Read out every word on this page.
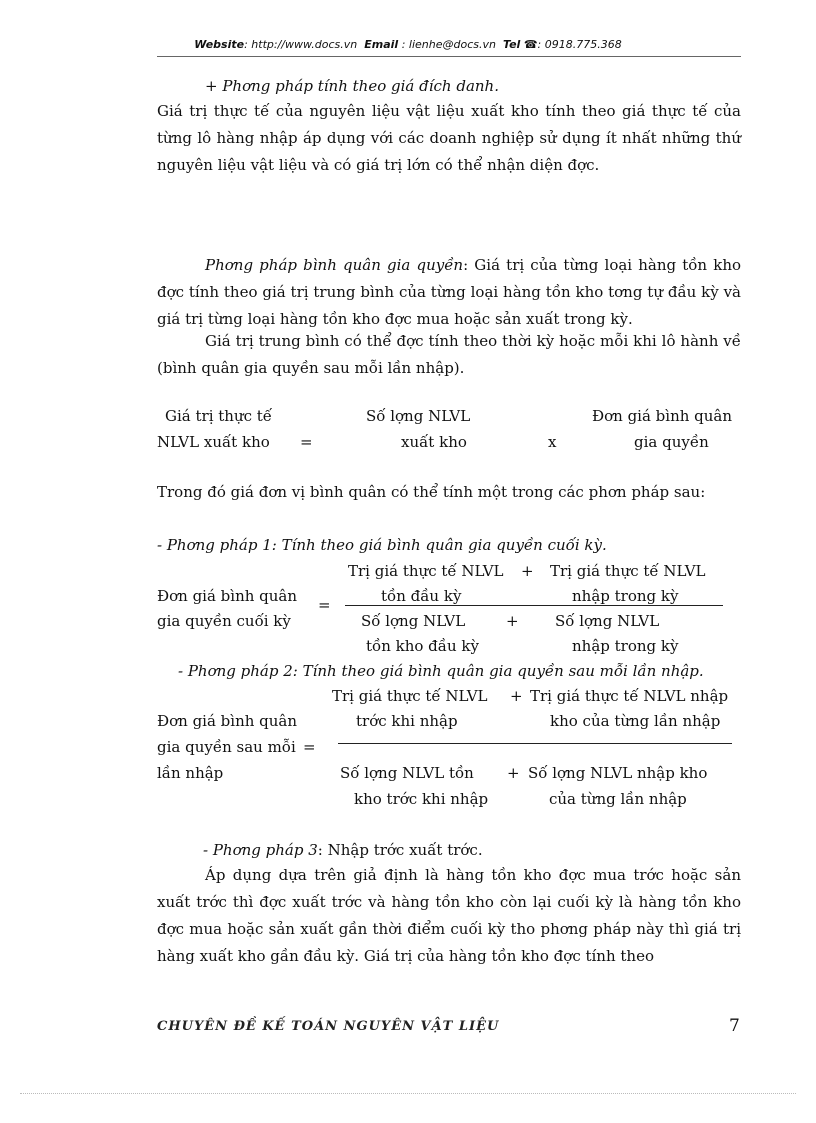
Website: http://www.docs.vn Email : lienhe@docs.vn Tel ☎: 0918.775.368
+ Phơng pháp tính theo giá đích danh.
Giá trị thực tế của nguyên liệu vật liệu xuất kho tính theo giá thực tế của từng lô hàng nhập áp dụng với các doanh nghiệp sử dụng ít nhất những thứ nguyên liệu vật liệu và có giá trị lớn có thể nhận diện đợc.
Phơng pháp bình quân gia quyền: Giá trị của từng loại hàng tồn kho đợc tính theo giá trị trung bình của từng loại hàng tồn kho tơng tự đầu kỳ và giá trị từng loại hàng tồn kho đợc mua hoặc sản xuất trong kỳ.
Giá trị trung bình có thể đợc tính theo thời kỳ hoặc mỗi khi lô hành về (bình quân gia quyền sau mỗi lần nhập).
Giá trị thực tế
NLVL xuất kho =
Số lợng NLVL
xuất kho	x
Đơn giá bình quân
gia quyền
Trong đó giá đơn vị bình quân có thể tính một trong các phơn pháp sau:
- Phơng pháp 1: Tính theo giá bình quân gia quyền cuối kỳ.
Trị giá thực tế NLVL + Trị giá thực tế NLVL
Đơn giá bình quân	tồn đầu kỳ	nhập trong kỳ
=
gia quyền cuối kỳ	Số lợng NLVL	+ Số lợng NLVL
tồn kho đầu kỳ	nhập trong kỳ
- Phơng pháp 2: Tính theo giá bình quân gia quyền sau mỗi lần nhập.
Trị giá thực tế NLVL + Trị giá thực tế NLVL nhập
Đơn giá bình quân	trớc khi nhập	kho của từng lần nhập
gia quyền sau mỗi =
lần nhập	Số lợng NLVL tồn + Số lợng NLVL nhập kho
kho trớc khi nhập	của từng lần nhập
- Phơng pháp 3: Nhập trớc xuất trớc.
Áp dụng dựa trên giả định là hàng tồn kho đợc mua trớc hoặc sản xuất trớc thì đợc xuất trớc và hàng tồn kho còn lại cuối kỳ là hàng tồn kho đợc mua hoặc sản xuất gần thời điểm cuối kỳ tho phơng pháp này thì giá trị hàng xuất kho gần đầu kỳ. Giá trị của hàng tồn kho đợc tính theo
CHUYÊN ĐỀ KẾ TOÁN NGUYÊN VẬT LIỆU	7
